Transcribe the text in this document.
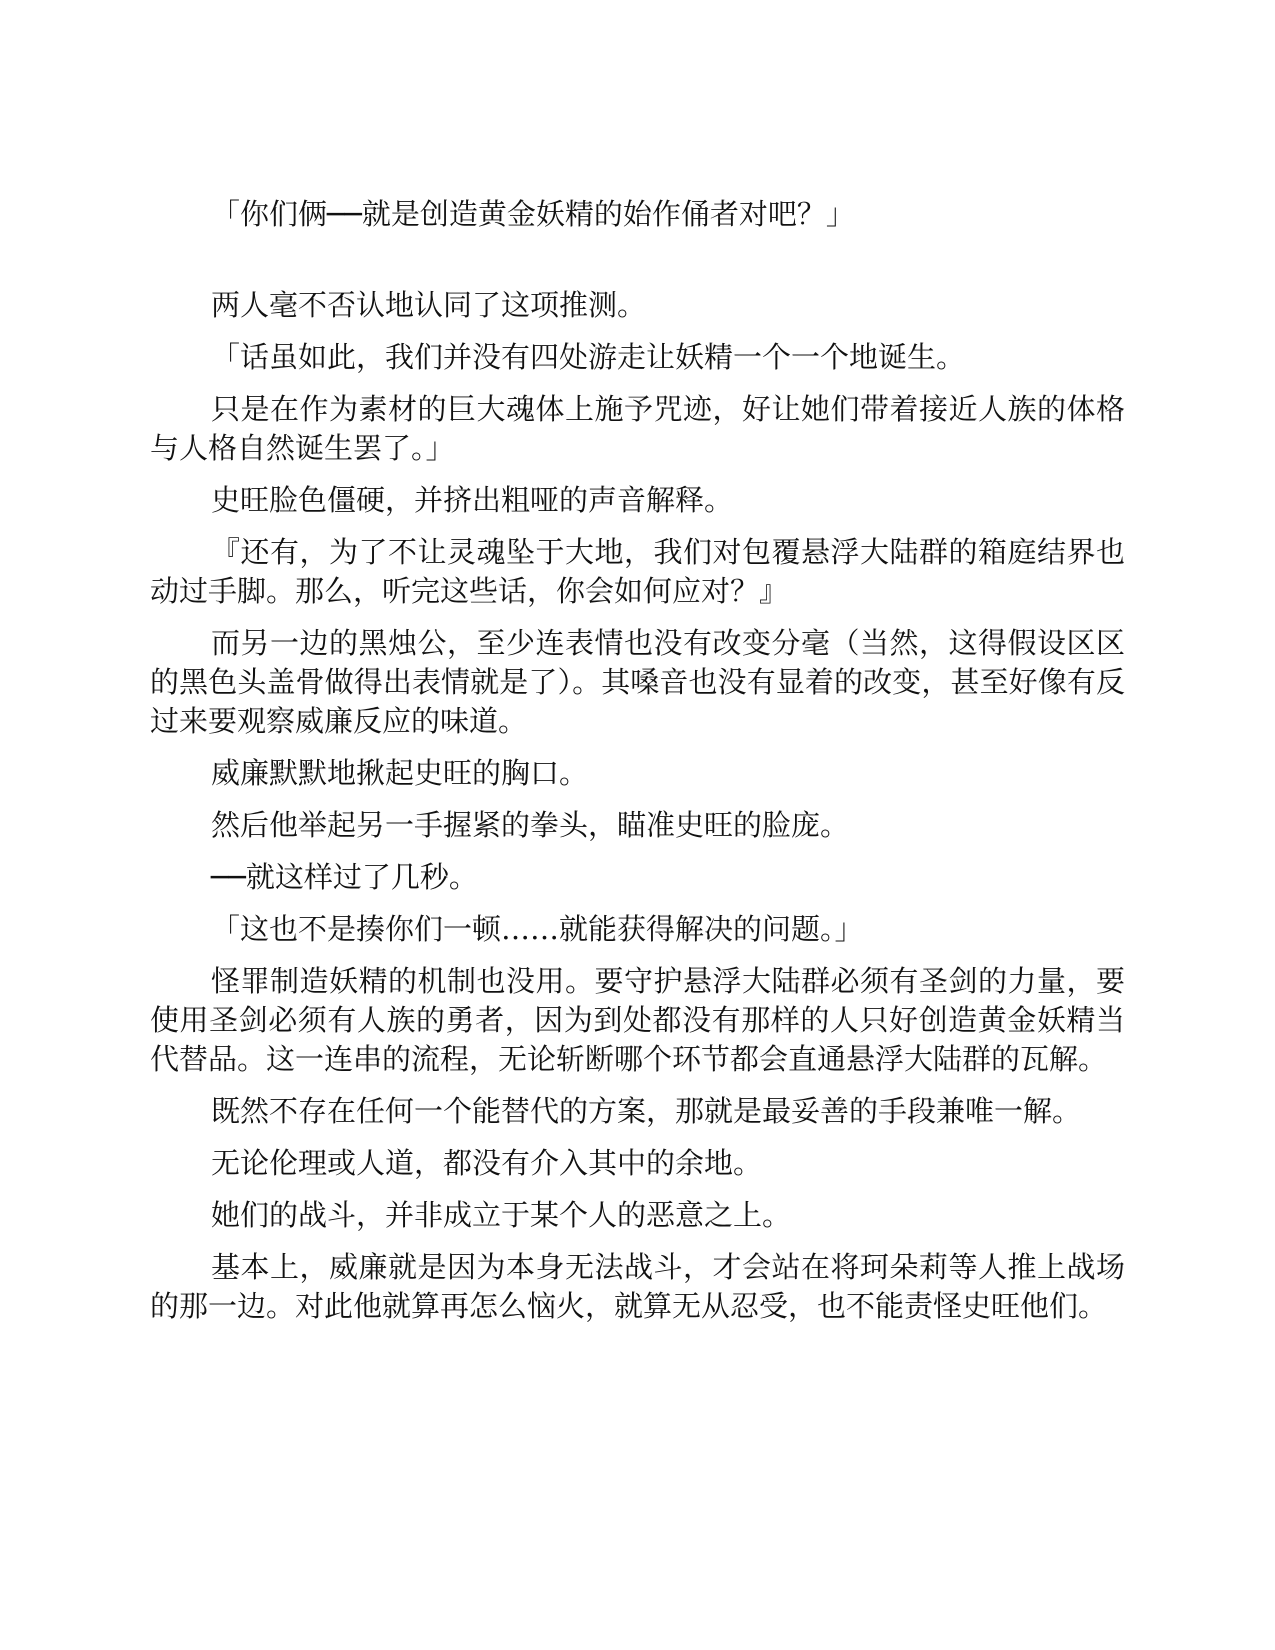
「你们俩──就是创造黄金妖精的始作俑者对吧？」

两人毫不否认地认同了这项推测。

「话虽如此，我们并没有四处游走让妖精一个一个地诞生。

只是在作为素材的巨大魂体上施予咒迹，好让她们带着接近人族的体格与人格自然诞生罢了。」

史旺脸色僵硬，并挤出粗哑的声音解释。

『还有，为了不让灵魂坠于大地，我们对包覆悬浮大陆群的箱庭结界也动过手脚。那么，听完这些话，你会如何应对？』

而另一边的黑烛公，至少连表情也没有改变分毫（当然，这得假设区区的黑色头盖骨做得出表情就是了）。其嗓音也没有显着的改变，甚至好像有反过来要观察威廉反应的味道。

威廉默默地揪起史旺的胸口。

然后他举起另一手握紧的拳头，瞄准史旺的脸庞。

──就这样过了几秒。

「这也不是揍你们一顿……就能获得解决的问题。」

怪罪制造妖精的机制也没用。要守护悬浮大陆群必须有圣剑的力量，要使用圣剑必须有人族的勇者，因为到处都没有那样的人只好创造黄金妖精当代替品。这一连串的流程，无论斩断哪个环节都会直通悬浮大陆群的瓦解。

既然不存在任何一个能替代的方案，那就是最妥善的手段兼唯一解。

无论伦理或人道，都没有介入其中的余地。

她们的战斗，并非成立于某个人的恶意之上。

基本上，威廉就是因为本身无法战斗，才会站在将珂朵莉等人推上战场的那一边。对此他就算再怎么恼火，就算无从忍受，也不能责怪史旺他们。
